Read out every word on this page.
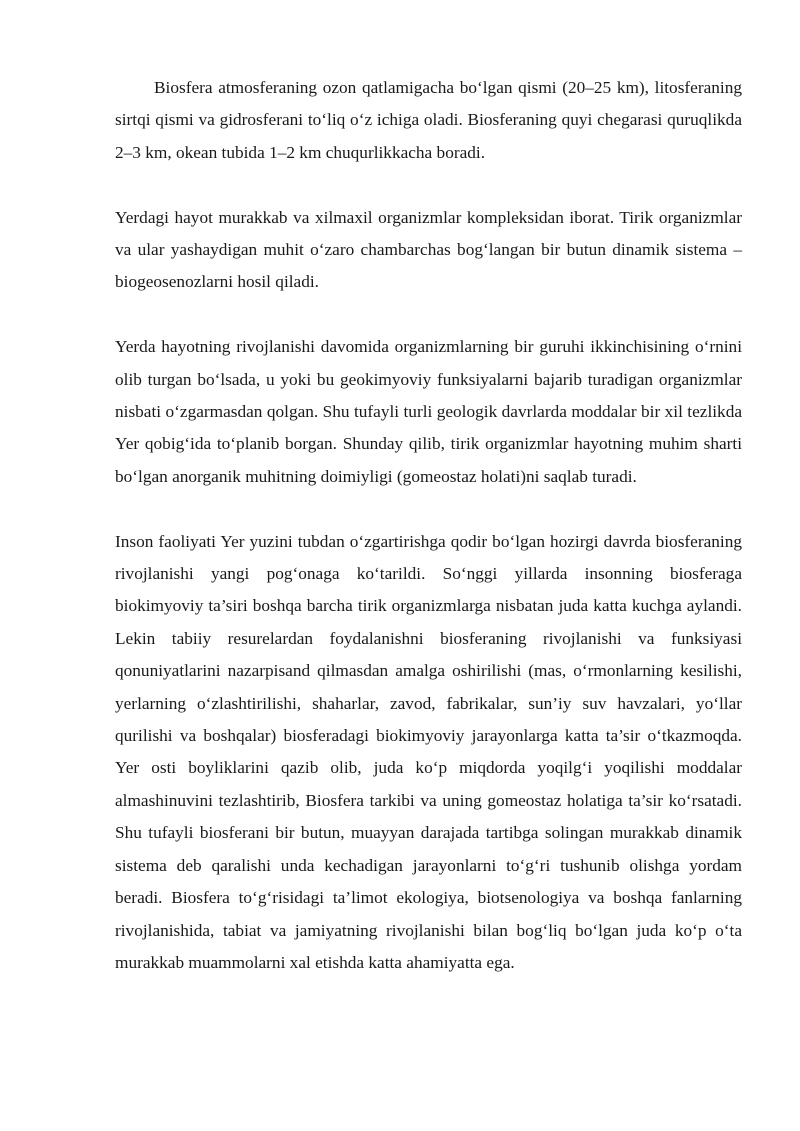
Biosfera atmosferaning ozon qatlamigacha bo‘lgan qismi (20–25 km), litosferaning sirtqi qismi va gidrosferani to‘liq o‘z ichiga oladi. Biosferaning quyi chegarasi quruqlikda 2–3 km, okean tubida 1–2 km chuqurlikkacha boradi.

Yerdagi hayot murakkab va xilmaxil organizmlar kompleksidan iborat. Tirik organizmlar va ular yashaydigan muhit o‘zaro chambarchas bog‘langan bir butun dinamik sistema – biogeosenozlarni hosil qiladi.

Yerda hayotning rivojlanishi davomida organizmlarning bir guruhi ikkinchisining o‘rnini olib turgan bo‘lsada, u yoki bu geokimyoviy funksiyalarni bajarib turadigan organizmlar nisbati o‘zgarmasdan qolgan. Shu tufayli turli geologik davrlarda moddalar bir xil tezlikda Yer qobig‘ida to‘planib borgan. Shunday qilib, tirik organizmlar hayotning muhim sharti bo‘lgan anorganik muhitning doimiyligi (gomeostaz holati)ni saqlab turadi.

Inson faoliyati Yer yuzini tubdan o‘zgartirishga qodir bo‘lgan hozirgi davrda biosferaning rivojlanishi yangi pog‘onaga ko‘tarildi. So‘nggi yillarda insonning biosferaga biokimyoviy ta’siri boshqa barcha tirik organizmlarga nisbatan juda katta kuchga aylandi. Lekin tabiiy resurelardan foydalanishni biosferaning rivojlanishi va funksiyasi qonuniyatlarini nazarpisand qilmasdan amalga oshirilishi (mas, o‘rmonlarning kesilishi, yerlarning o‘zlashtirilishi, shaharlar, zavod, fabrikalar, sun’iy suv havzalari, yo‘llar qurilishi va boshqalar) biosferadagi biokimyoviy jarayonlarga katta ta’sir o‘tkazmoqda. Yer osti boyliklarini qazib olib, juda ko‘p miqdorda yoqilg‘i yoqilishi moddalar almashinuvini tezlashtirib, Biosfera tarkibi va uning gomeostaz holatiga ta’sir ko‘rsatadi. Shu tufayli biosferani bir butun, muayyan darajada tartibga solingan murakkab dinamik sistema deb qaralishi unda kechadigan jarayonlarni to‘g‘ri tushunib olishga yordam beradi. Biosfera to‘g‘risidagi ta’limot ekologiya, biotsenologiya va boshqa fanlarning rivojlanishida, tabiat va jamiyatning rivojlanishi bilan bog‘liq bo‘lgan juda ko‘p o‘ta murakkab muammolarni xal etishda katta ahamiyatta ega.
